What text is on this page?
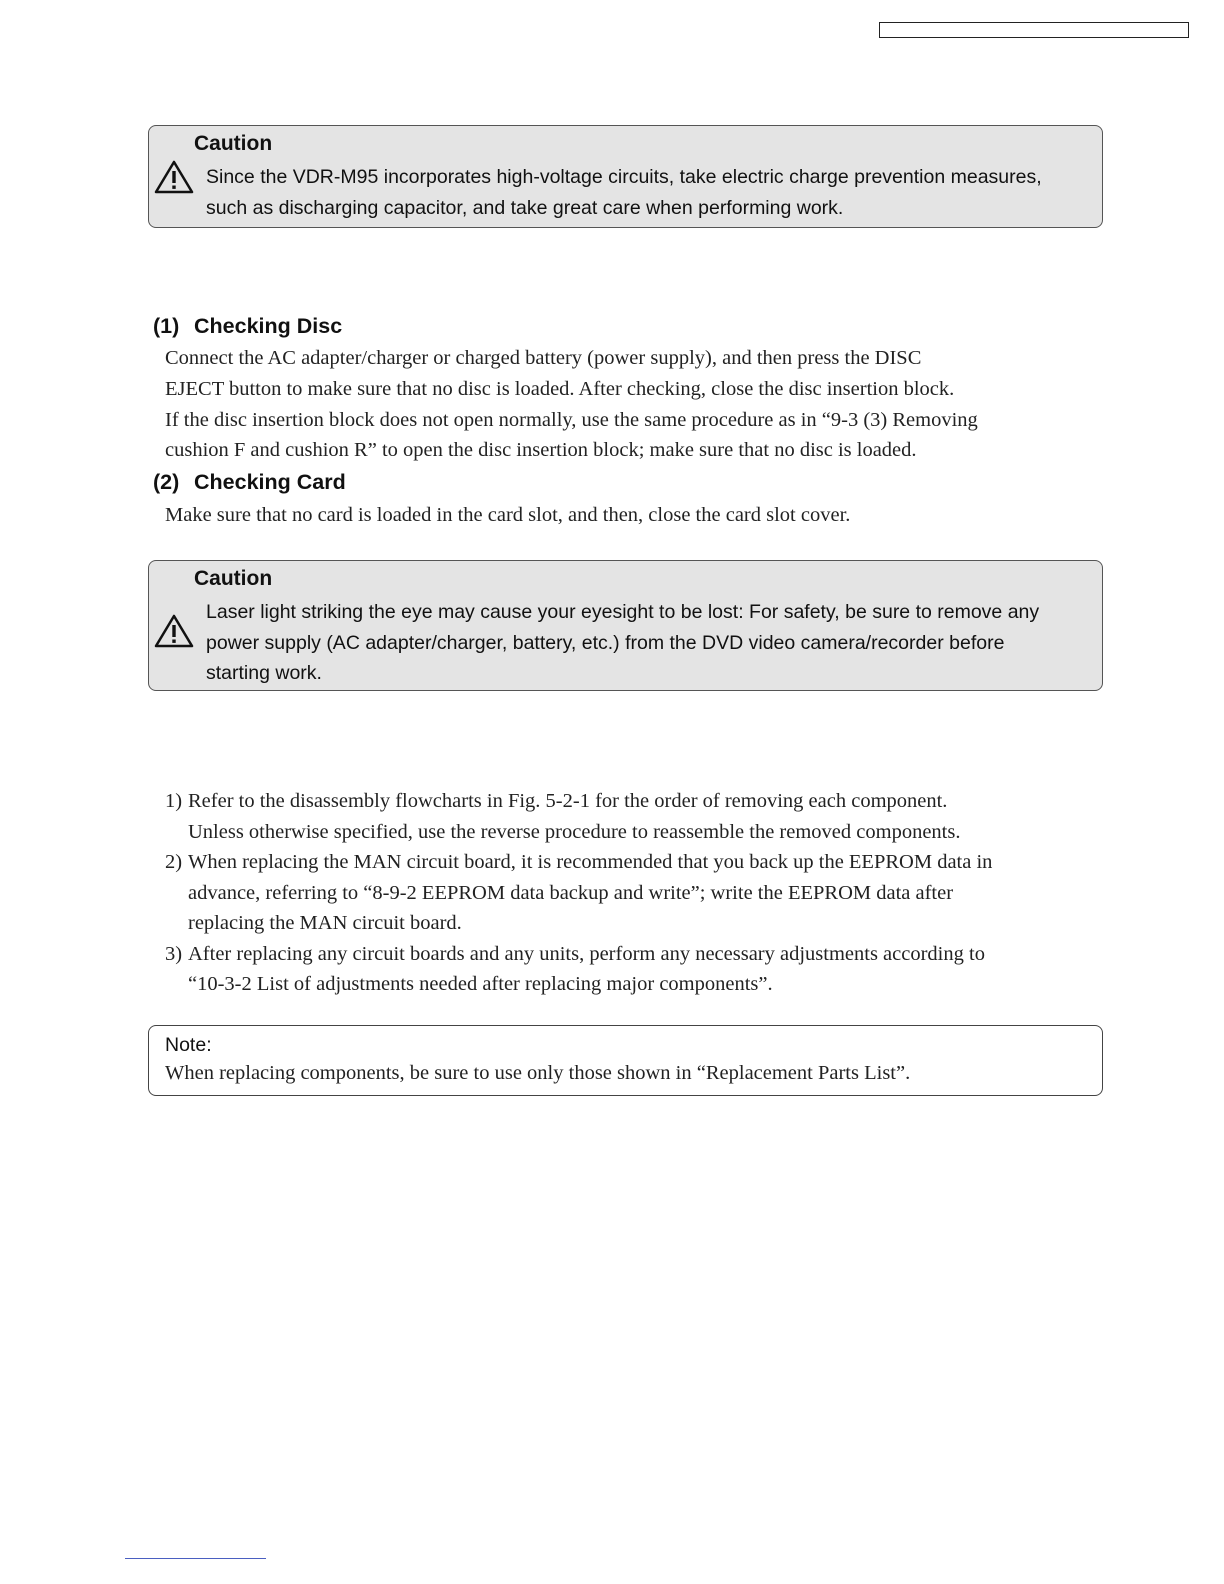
Caution
Since the VDR-M95 incorporates high-voltage circuits, take electric charge prevention measures,
such as discharging capacitor, and take great care when performing work.
(1) Checking Disc
Connect the AC adapter/charger or charged battery (power supply), and then press the DISC
EJECT button to make sure that no disc is loaded. After checking, close the disc insertion block.
If the disc insertion block does not open normally, use the same procedure as in “9-3 (3) Removing
cushion F and cushion R” to open the disc insertion block; make sure that no disc is loaded.
(2) Checking Card
Make sure that no card is loaded in the card slot, and then, close the card slot cover.
Caution
Laser light striking the eye may cause your eyesight to be lost: For safety, be sure to remove any
power supply (AC adapter/charger, battery, etc.) from the DVD video camera/recorder before
starting work.
1) Refer to the disassembly flowcharts in Fig. 5-2-1 for the order of removing each component.
Unless otherwise specified, use the reverse procedure to reassemble the removed components.
2) When replacing the MAN circuit board, it is recommended that you back up the EEPROM data in
advance, referring to “8-9-2 EEPROM data backup and write”; write the EEPROM data after
replacing the MAN circuit board.
3) After replacing any circuit boards and any units, perform any necessary adjustments according to
“10-3-2 List of adjustments needed after replacing major components”.
Note:
When replacing components, be sure to use only those shown in “Replacement Parts List”.
